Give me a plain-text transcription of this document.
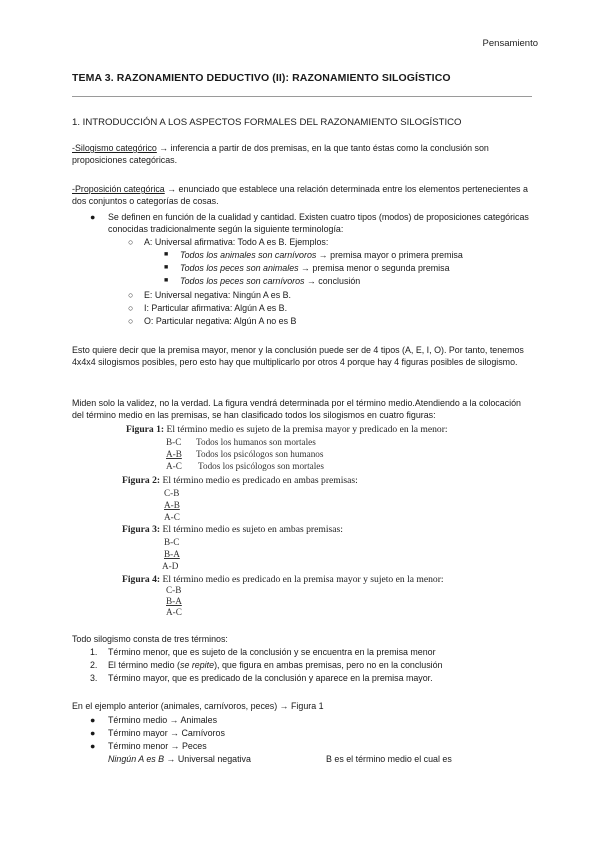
Pensamiento
TEMA 3. RAZONAMIENTO DEDUCTIVO (II): RAZONAMIENTO SILOGÍSTICO
1. INTRODUCCIÓN A LOS ASPECTOS FORMALES DEL RAZONAMIENTO SILOGÍSTICO
-Silogismo categórico → inferencia a partir de dos premisas, en la que tanto éstas como la conclusión son proposiciones categóricas.
-Proposición categórica → enunciado que establece una relación determinada entre los elementos pertenecientes a dos conjuntos o categorías de cosas.
● Se definen en función de la cualidad y cantidad. Existen cuatro tipos (modos) de proposiciones categóricas conocidas tradicionalmente según la siguiente terminología:
○ A: Universal afirmativa: Todo A es B. Ejemplos:
■ Todos los animales son carnívoros → premisa mayor o primera premisa
■ Todos los peces son animales → premisa menor o segunda premisa
■ Todos los peces son carnívoros → conclusión
○ E: Universal negativa: Ningún A es B.
○ I: Particular afirmativa: Algún A es B.
○ O: Particular negativa: Algún A no es B
Esto quiere decir que la premisa mayor, menor y la conclusión puede ser de 4 tipos (A, E, I, O). Por tanto, tenemos 4x4x4 silogismos posibles, pero esto hay que multiplicarlo por otros 4 porque hay 4 figuras posibles de silogismo.
Miden solo la validez, no la verdad. La figura vendrá determinada por el término medio.Atendiendo a la colocación del término medio en las premisas, se han clasificado todos los silogismos en cuatro figuras:
Figura 1: El término medio es sujeto de la premisa mayor y predicado en la menor:
B-C Todos los humanos son mortales
A-B Todos los psicólogos son humanos
A-C Todos los psicólogos son mortales
Figura 2: El término medio es predicado en ambas premisas:
C-B
A-B
A-C
Figura 3: El término medio es sujeto en ambas premisas:
B-C
B-A
A-D
Figura 4: El término medio es predicado en la premisa mayor y sujeto en la menor:
C-B
B-A
A-C
Todo silogismo consta de tres términos:
1. Término menor, que es sujeto de la conclusión y se encuentra en la premisa menor
2. El término medio (se repite), que figura en ambas premisas, pero no en la conclusión
3. Término mayor, que es predicado de la conclusión y aparece en la premisa mayor.
En el ejemplo anterior (animales, carnívoros, peces) → Figura 1
● Término medio → Animales
● Término mayor → Carnívoros
● Término menor → Peces
Ningún A es B → Universal negativa	B es el término medio el cual es
